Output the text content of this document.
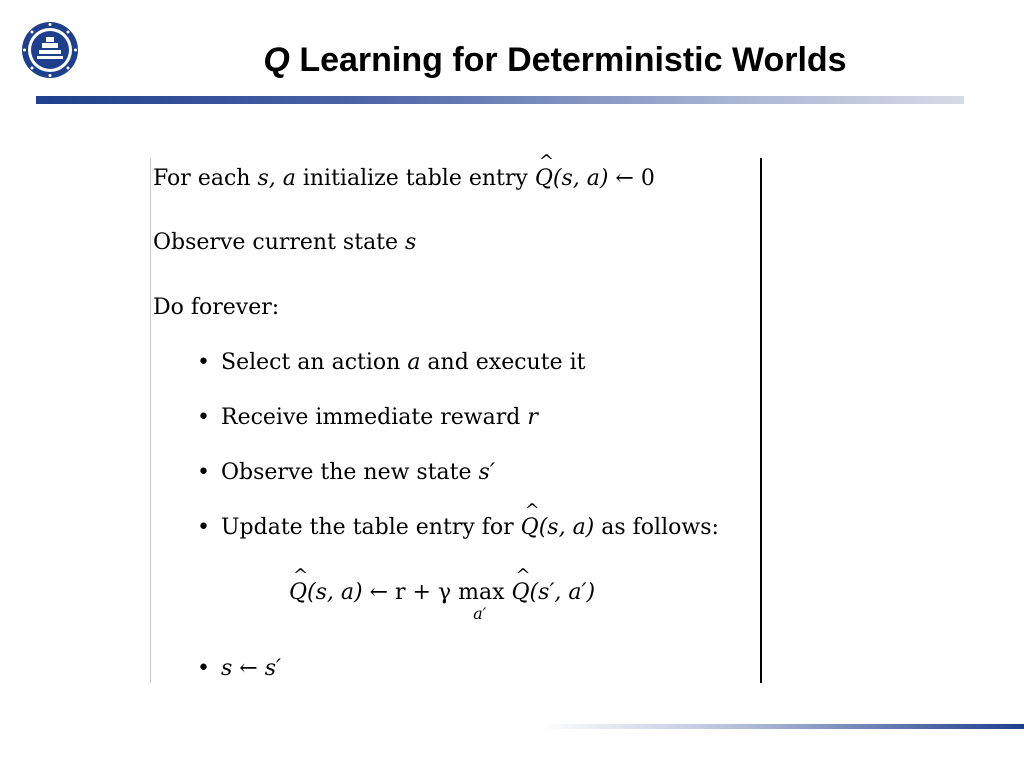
Q Learning for Deterministic Worlds
For each s, a initialize table entry ^ Q(s, a) ← 0
Observe current state s
Do forever:
• Select an action a and execute it
• Receive immediate reward r
• Observe the new state s′
• Update the table entry for ^ Q(s, a) as follows:
^ Q(s, a) ← r + γ max
a′
^ Q(s′, a′)
• s ← s′
